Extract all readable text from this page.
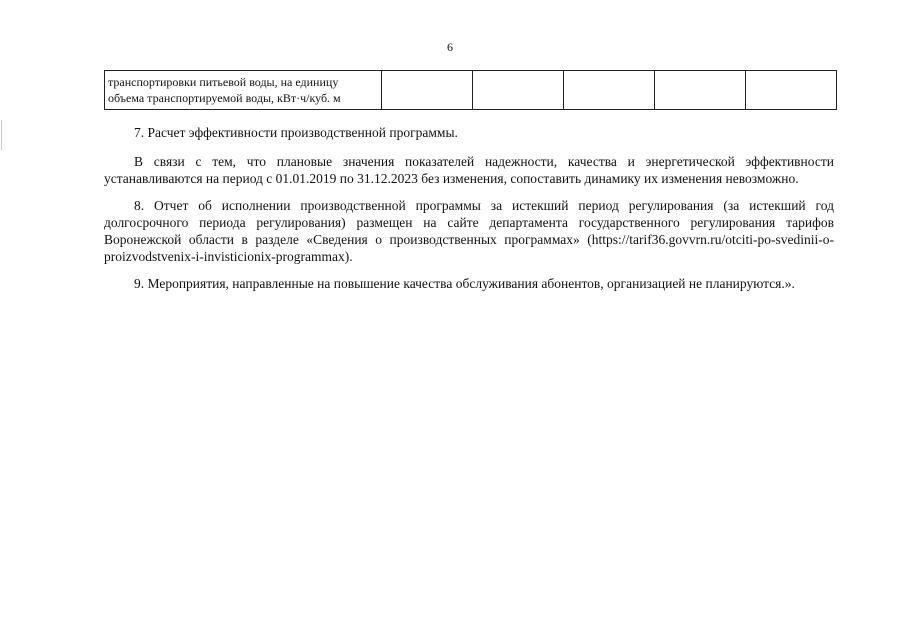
6
транспортировки питьевой воды, на единицу
объема транспортируемой воды, кВт·ч/куб. м					

7. Расчет эффективности производственной программы.

В связи с тем, что плановые значения показателей надежности, качества и энергетической эффективности устанавливаются на период с 01.01.2019 по 31.12.2023 без изменения, сопоставить динамику их изменения невозможно.

8. Отчет об исполнении производственной программы за истекший период регулирования (за истекший год долгосрочного периода регулирования) размещен на сайте департамента государственного регулирования тарифов Воронежской области в разделе «Сведения о производственных программах» (https://tarif36.govvrn.ru/otciti-po-svedinii-o-proizvodstvenix-i-invisticionix-programmax).

9. Мероприятия, направленные на повышение качества обслуживания абонентов, организацией не планируются.».
